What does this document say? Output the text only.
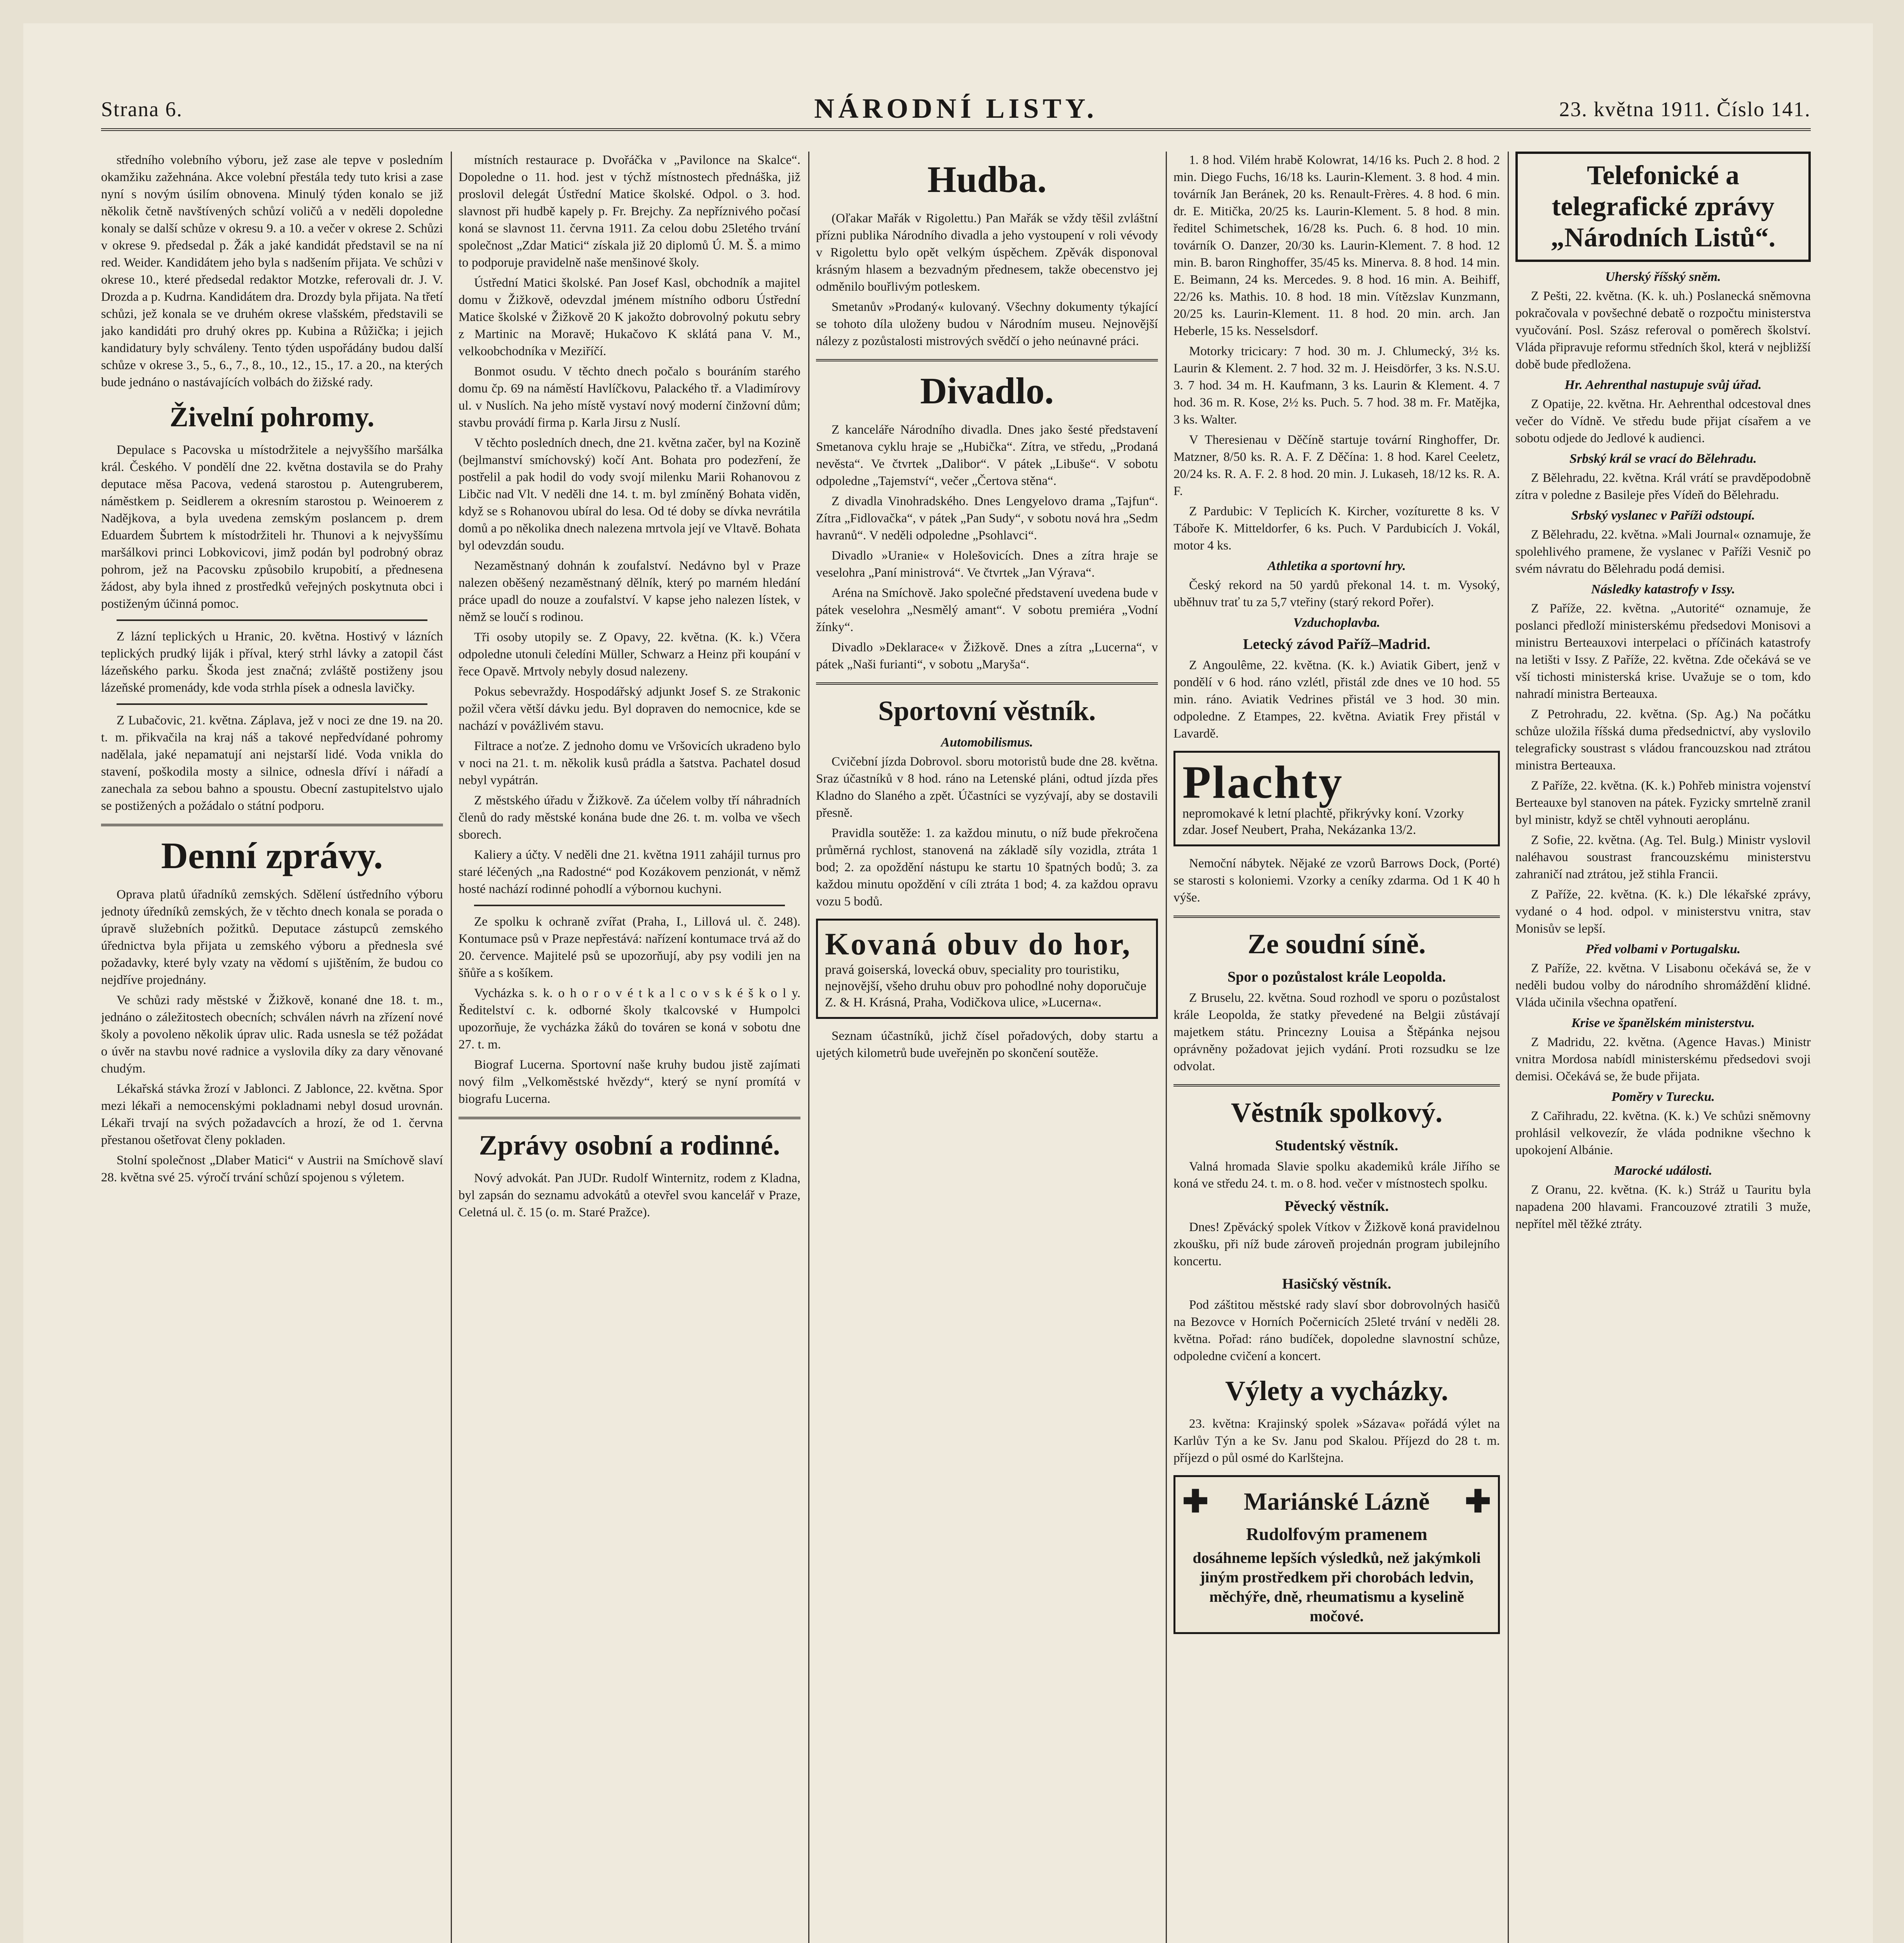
Strana 6.	NÁRODNÍ LISTY.	23. května 1911. Číslo 141.

středního volebního výboru, jež zase ale tepve v posledním okamžiku zažehnána. Akce volební přestála tedy tuto krisi a zase nyní s novým úsilím obnovena. Minulý týden konalo se již několik četně navštívených schůzí voličů a v neděli dopoledne konaly se další schůze v okresu 9. a 10. a večer v okrese 2. Schůzi v okrese 9. předsedal p. Žák a jaké kandidát představil se na ní red. Weider. Kandidátem jeho byla s nadšením přijata. Ve schůzi v okrese 10., které předsedal redaktor Motzke, referovali dr. J. V. Drozda a p. Kudrna. Kandidátem dra. Drozdy byla přijata. Na třetí schůzi, jež konala se ve druhém okrese vlašském, představili se jako kandidáti pro druhý okres pp. Kubina a Růžička; i jejich kandidatury byly schváleny. Tento týden uspořádány budou další schůze v okrese 3., 5., 6., 7., 8., 10., 12., 15., 17. a 20., na kterých bude jednáno o nastávajících volbách do žižské rady.

Živelní pohromy.

Depulace s Pacovska u místodržitele a nejvyššího maršálka král. Českého. V pondělí dne 22. května dostavila se do Prahy deputace měsa Pacova, vedená starostou p. Autengruberem, náměstkem p. Seidlerem a okresním starostou p. Weinoerem z Nadějkova, a byla uvedena zemským poslancem p. drem Eduardem Šubrtem k místodržiteli hr. Thunovi a k nejvyššímu maršálkovi princi Lobkovicovi, jimž podán byl podrobný obraz pohrom, jež na Pacovsku způsobilo krupobití, a přednesena žádost, aby byla ihned z prostředků veřejných poskytnuta obci i postiženým účinná pomoc.

Z lázní teplických u Hranic, 20. května. Hostivý v lázních teplických prudký liják i příval, který strhl lávky a zatopil část lázeňského parku. Škoda jest značná; zvláště postiženy jsou lázeňské promenády, kde voda strhla písek a odnesla lavičky.

Z Lubačovic, 21. května. Záplava, jež v noci ze dne 19. na 20. t. m. přikvačila na kraj náš a takové nepředvídané pohromy nadělala, jaké nepamatují ani nejstarší lidé. Voda vnikla do stavení, poškodila mosty a silnice, odnesla dříví i nářadí a zanechala za sebou bahno a spoustu. Obecní zastupitelstvo ujalo se postižených a požádalo o státní podporu.

Denní zprávy.

Oprava platů úřadníků zemských. Sdělení ústředního výboru jednoty úředníků zemských, že v těchto dnech konala se porada o úpravě služebních požitků. Deputace zástupců zemského úřednictva byla přijata u zemského výboru a přednesla své požadavky, které byly vzaty na vědomí s ujištěním, že budou co nejdříve projednány.

Ve schůzi rady městské v Žižkově, konané dne 18. t. m., jednáno o záležitostech obecních; schválen návrh na zřízení nové školy a povoleno několik úprav ulic. Rada usnesla se též požádat o úvěr na stavbu nové radnice a vyslovila díky za dary věnované chudým.

Lékařská stávka žrozí v Jablonci. Z Jablonce, 22. května. Spor mezi lékaři a nemocenskými pokladnami nebyl dosud urovnán. Lékaři trvají na svých požadavcích a hrozí, že od 1. června přestanou ošetřovat členy pokladen.

Stolní společnost „Dlaber Matici“ v Austrii na Smíchově slaví 28. května své 25. výročí trvání schůzí spojenou s výletem.

místních restaurace p. Dvořáčka v „Pavilonce na Skalce“. Dopoledne o 11. hod. jest v týchž místnostech přednáška, již proslovil delegát Ústřední Matice školské. Odpol. o 3. hod. slavnost při hudbě kapely p. Fr. Brejchy. Za nepříznivého počasí koná se slavnost 11. června 1911. Za celou dobu 25letého trvání společnost „Zdar Matici“ získala již 20 diplomů Ú. M. Š. a mimo to podporuje pravidelně naše menšinové školy.

Ústřední Matici školské. Pan Josef Kasl, obchodník a majitel domu v Žižkově, odevzdal jménem místního odboru Ústřední Matice školské v Žižkově 20 K jakožto dobrovolný pokutu sebry z Martinic na Moravě; Hukačovo K sklátá pana V. M., velkoobchodníka v Meziříčí.

Bonmot osudu. V těchto dnech počalo s bouráním starého domu čp. 69 na náměstí Havlíčkovu, Palackého tř. a Vladimírovy ul. v Nuslích. Na jeho místě vystaví nový moderní činžovní dům; stavbu provádí firma p. Karla Jirsu z Nuslí.

V těchto posledních dnech, dne 21. května začer, byl na Kozině (bejlmanství smíchovský) kočí Ant. Bohata pro podezření, že postřelil a pak hodil do vody svojí milenku Marii Rohanovou z Libčic nad Vlt. V neděli dne 14. t. m. byl zmíněný Bohata viděn, když se s Rohanovou ubíral do lesa. Od té doby se dívka nevrátila domů a po několika dnech nalezena mrtvola její ve Vltavě. Bohata byl odevzdán soudu.

Nezaměstnaný dohnán k zoufalství. Nedávno byl v Praze nalezen oběšený nezaměstnaný dělník, který po marném hledání práce upadl do nouze a zoufalství. V kapse jeho nalezen lístek, v němž se loučí s rodinou.

Tři osoby utopily se. Z Opavy, 22. května. (K. k.) Včera odpoledne utonuli čeledíni Müller, Schwarz a Heinz při koupání v řece Opavě. Mrtvoly nebyly dosud nalezeny.

Pokus sebevraždy. Hospodářský adjunkt Josef S. ze Strakonic požil včera větší dávku jedu. Byl dopraven do nemocnice, kde se nachází v povážlivém stavu.

Filtrace a noťze. Z jednoho domu ve Vršovicích ukradeno bylo v noci na 21. t. m. několik kusů prádla a šatstva. Pachatel dosud nebyl vypátrán.

Z městského úřadu v Žižkově. Za účelem volby tří náhradních členů do rady městské konána bude dne 26. t. m. volba ve všech sborech.

Kaliery a účty. V neděli dne 21. května 1911 zahájil turnus pro staré léčených „na Radostné“ pod Kozákovem penzionát, v němž hosté nachází rodinné pohodlí a výbornou kuchyni.

Ze spolku k ochraně zvířat (Praha, I., Lillová ul. č. 248). Kontumace psů v Praze nepřestává: nařízení kontumace trvá až do 20. července. Majitelé psů se upozorňují, aby psy vodili jen na šňůře a s košíkem.

Vycházka s. k. o h o r o v é t k a l c o v s k é š k o l y. Ředitelství c. k. odborné školy tkalcovské v Humpolci upozorňuje, že vycházka žáků do továren se koná v sobotu dne 27. t. m.

Biograf Lucerna. Sportovní naše kruhy budou jistě zajímati nový film „Velkoměstské hvězdy“, který se nyní promítá v biografu Lucerna.

Zprávy osobní a rodinné.

Nový advokát. Pan JUDr. Rudolf Winternitz, rodem z Kladna, byl zapsán do seznamu advokátů a otevřel svou kancelář v Praze, Celetná ul. č. 15 (o. m. Staré Pražce).

Hudba.

(Oľakar Mařák v Rigolettu.) Pan Mařák se vždy těšil zvláštní přízni publika Národního divadla a jeho vystoupení v roli vévody v Rigolettu bylo opět velkým úspěchem. Zpěvák disponoval krásným hlasem a bezvadným přednesem, takže obecenstvo jej odměnilo bouřlivým potleskem.

Smetanův »Prodaný« kulovaný. Všechny dokumenty týkající se tohoto díla uloženy budou v Národním museu. Nejnovější nálezy z pozůstalosti mistrových svědčí o jeho neúnavné práci.

Divadlo.

Z kanceláře Národního divadla. Dnes jako šesté představení Smetanova cyklu hraje se „Hubička“. Zítra, ve středu, „Prodaná nevěsta“. Ve čtvrtek „Dalibor“. V pátek „Libuše“. V sobotu odpoledne „Tajemství“, večer „Čertova stěna“.

Z divadla Vinohradského. Dnes Lengyelovo drama „Tajfun“. Zítra „Fidlovačka“, v pátek „Pan Sudy“, v sobotu nová hra „Sedm havranů“. V neděli odpoledne „Psohlavci“.

Divadlo »Uranie« v Holešovicích. Dnes a zítra hraje se veselohra „Paní ministrová“. Ve čtvrtek „Jan Výrava“.

Aréna na Smíchově. Jako společné představení uvedena bude v pátek veselohra „Nesmělý amant“. V sobotu premiéra „Vodní žínky“.

Divadlo »Deklarace« v Žižkově. Dnes a zítra „Lucerna“, v pátek „Naši furianti“, v sobotu „Maryša“.

Sportovní věstník.
Automobilismus.

Cvičební jízda Dobrovol. sboru motoristů bude dne 28. května. Sraz účastníků v 8 hod. ráno na Letenské pláni, odtud jízda přes Kladno do Slaného a zpět. Účastníci se vyzývají, aby se dostavili přesně.

Pravidla soutěže: 1. za každou minutu, o níž bude překročena průměrná rychlost, stanovená na základě síly vozidla, ztráta 1 bod; 2. za opoždění nástupu ke startu 10 špatných bodů; 3. za každou minutu opoždění v cíli ztráta 1 bod; 4. za každou opravu vozu 5 bodů.

Kovaná obuv do hor,
pravá goiserská, lovecká obuv, speciality pro touristiku, nejnovější, všeho druhu obuv pro pohodlné nohy doporučuje Z. & H. Krásná, Praha, Vodičkova ulice, »Lucerna«.

Seznam účastníků, jichž čísel pořadových, doby startu a ujetých kilometrů bude uveřejněn po skončení soutěže.

1. 8 hod. Vilém hrabě Kolowrat, 14/16 ks. Puch 2. 8 hod. 2 min. Diego Fuchs, 16/18 ks. Laurin-Klement. 3. 8 hod. 4 min. továrník Jan Beránek, 20 ks. Renault-Frères. 4. 8 hod. 6 min. dr. E. Mitička, 20/25 ks. Laurin-Klement. 5. 8 hod. 8 min. ředitel Schimetschek, 16/28 ks. Puch. 6. 8 hod. 10 min. továrník O. Danzer, 20/30 ks. Laurin-Klement. 7. 8 hod. 12 min. B. baron Ringhoffer, 35/45 ks. Minerva. 8. 8 hod. 14 min. E. Beimann, 24 ks. Mercedes. 9. 8 hod. 16 min. A. Beihiff, 22/26 ks. Mathis. 10. 8 hod. 18 min. Vítězslav Kunzmann, 20/25 ks. Laurin-Klement. 11. 8 hod. 20 min. arch. Jan Heberle, 15 ks. Nesselsdorf.

Motorky tricicary: 7 hod. 30 m. J. Chlumecký, 3½ ks. Laurin & Klement. 2. 7 hod. 32 m. J. Heisdörfer, 3 ks. N.S.U. 3. 7 hod. 34 m. H. Kaufmann, 3 ks. Laurin & Klement. 4. 7 hod. 36 m. R. Kose, 2½ ks. Puch. 5. 7 hod. 38 m. Fr. Matějka, 3 ks. Walter.

V Theresienau v Děčíně startuje tovární Ringhoffer, Dr. Matzner, 8/50 ks. R. A. F. Z Děčína: 1. 8 hod. Karel Ceeletz, 20/24 ks. R. A. F. 2. 8 hod. 20 min. J. Lukaseh, 18/12 ks. R. A. F.

Z Pardubic: V Teplicích K. Kircher, vozíturette 8 ks. V Táboře K. Mitteldorfer, 6 ks. Puch. V Pardubicích J. Vokál, motor 4 ks.

Athletika a sportovní hry.

Český rekord na 50 yardů překonal 14. t. m. Vysoký, uběhnuv trať tu za 5,7 vteřiny (starý rekord Pořer).

Vzduchoplavba.
Letecký závod Paříž–Madrid.

Z Angoulême, 22. května. (K. k.) Aviatik Gibert, jenž v pondělí v 6 hod. ráno vzlétl, přistál zde dnes ve 10 hod. 55 min. ráno. Aviatik Vedrines přistál ve 3 hod. 30 min. odpoledne. Z Etampes, 22. května. Aviatik Frey přistál v Lavardě.

Plachty
nepromokavé k letní plachtě, přikrývky koní. Vzorky zdar. Josef Neubert, Praha, Nekázanka 13/2.

Nemoční nábytek. Nějaké ze vzorů Barrows Dock, (Porté) se starosti s koloniemi. Vzorky a ceníky zdarma. Od 1 K 40 h výše.

Ze soudní síně.
Spor o pozůstalost krále Leopolda.

Z Bruselu, 22. května. Soud rozhodl ve sporu o pozůstalost krále Leopolda, že statky převedené na Belgii zůstávají majetkem státu. Princezny Louisa a Štěpánka nejsou oprávněny požadovat jejich vydání. Proti rozsudku se lze odvolat.

Věstník spolkový.
Studentský věstník.

Valná hromada Slavie spolku akademiků krále Jiřího se koná ve středu 24. t. m. o 8. hod. večer v místnostech spolku.

Pěvecký věstník.

Dnes! Zpěvácký spolek Vítkov v Žižkově koná pravidelnou zkoušku, při níž bude zároveň projednán program jubilejního koncertu.

Hasičský věstník.

Pod záštitou městské rady slaví sbor dobrovolných hasičů na Bezovce v Horních Počernicích 25leté trvání v neděli 28. května. Pořad: ráno budíček, dopoledne slavnostní schůze, odpoledne cvičení a koncert.

Výlety a vycházky.

23. května: Krajinský spolek »Sázava« pořádá výlet na Karlův Týn a ke Sv. Janu pod Skalou. Příjezd do 28 t. m. příjezd o půl osmé do Karlštejna.

✚ Mariánské Lázně ✚
Rudolfovým pramenem
dosáhneme lepších výsledků, než jakýmkoli jiným prostředkem při chorobách ledvin, měchýře, dně, rheumatismu a kyselině močové.
Telefonické a telegrafické zprávy „Národních Listů“.
Uherský říšský sněm.

Z Pešti, 22. května. (K. k. uh.) Poslanecká sněmovna pokračovala v povšechné debatě o rozpočtu ministerstva vyučování. Posl. Szász referoval o poměrech školství. Vláda připravuje reformu středních škol, která v nejbližší době bude předložena.

Hr. Aehrenthal nastupuje svůj úřad.

Z Opatije, 22. května. Hr. Aehrenthal odcestoval dnes večer do Vídně. Ve středu bude přijat císařem a ve sobotu odjede do Jedlové k audienci.

Srbský král se vrací do Bělehradu.

Z Bělehradu, 22. května. Král vrátí se pravděpodobně zítra v poledne z Basileje přes Vídeň do Bělehradu.

Srbský vyslanec v Paříži odstoupí.

Z Bělehradu, 22. května. »Mali Journal« oznamuje, že spolehlivého pramene, že vyslanec v Paříži Vesnič po svém návratu do Bělehradu podá demisi.

Následky katastrofy v Issy.

Z Paříže, 22. května. „Autorité“ oznamuje, že poslanci předloží ministerskému předsedovi Monisovi a ministru Berteauxovi interpelaci o příčinách katastrofy na letišti v Issy. Z Paříže, 22. května. Zde očekává se ve vší tichosti ministerská krise. Uvažuje se o tom, kdo nahradí ministra Berteauxa.

Z Petrohradu, 22. května. (Sp. Ag.) Na počátku schůze uložila říšská duma předsednictví, aby vyslovilo telegraficky soustrast s vládou francouzskou nad ztrátou ministra Berteauxa.

Z Paříže, 22. května. (K. k.) Pohřeb ministra vojenství Berteauxe byl stanoven na pátek. Fyzicky smrtelně zranil byl ministr, když se chtěl vyhnouti aeroplánu.

Z Sofie, 22. května. (Ag. Tel. Bulg.) Ministr vyslovil naléhavou soustrast francouzskému ministerstvu zahraničí nad ztrátou, jež stihla Francii.

Z Paříže, 22. května. (K. k.) Dle lékařské zprávy, vydané o 4 hod. odpol. v ministerstvu vnitra, stav Monisův se lepší.

Před volbami v Portugalsku.

Z Paříže, 22. května. V Lisabonu očekává se, že v neděli budou volby do národního shromáždění klidné. Vláda učinila všechna opatření.

Krise ve španělském ministerstvu.

Z Madridu, 22. května. (Agence Havas.) Ministr vnitra Mordosa nabídl ministerskému předsedovi svoji demisi. Očekává se, že bude přijata.

Poměry v Turecku.

Z Cařihradu, 22. května. (K. k.) Ve schůzi sněmovny prohlásil velkovezír, že vláda podnikne všechno k upokojení Albánie.

Marocké události.

Z Oranu, 22. května. (K. k.) Stráž u Tauritu byla napadena 200 hlavami. Francouzové ztratili 3 muže, nepřítel měl těžké ztráty.
